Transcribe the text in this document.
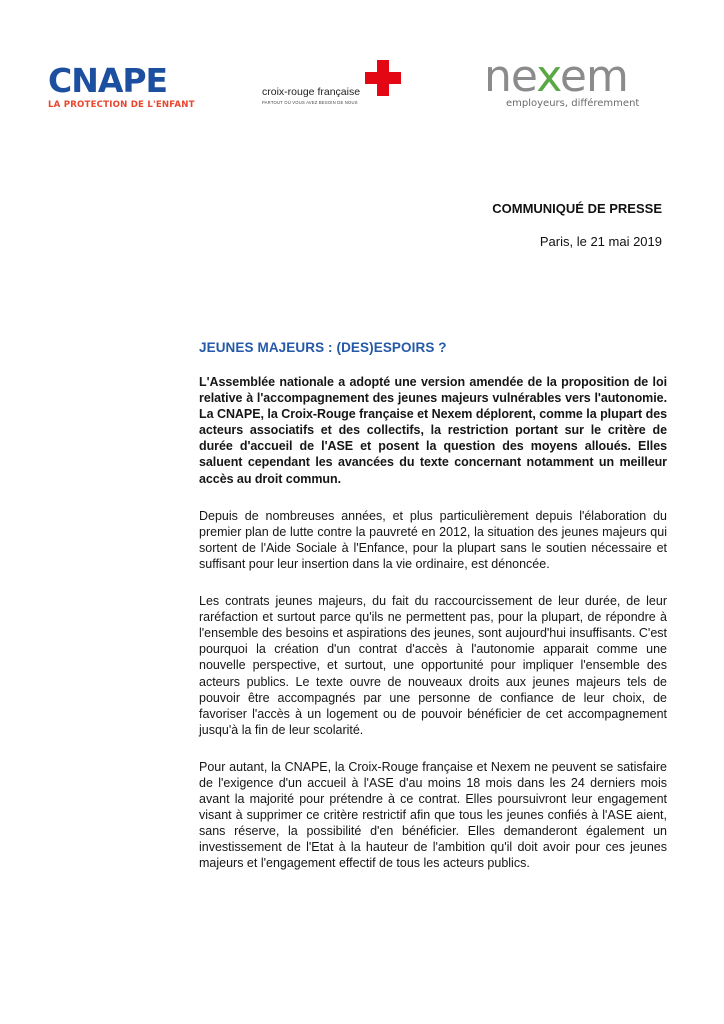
CNAPE
LA PROTECTION DE L'ENFANT
croix-rouge française
PARTOUT OÙ VOUS AVEZ BESOIN DE NOUS
nexem
employeurs, différemment
COMMUNIQUÉ DE PRESSE
Paris, le 21 mai 2019
JEUNES MAJEURS : (DES)ESPOIRS ?

L'Assemblée nationale a adopté une version amendée de la proposition de loi relative à l'accompagnement des jeunes majeurs vulnérables vers l'autonomie. La CNAPE, la Croix-Rouge française et Nexem déplorent, comme la plupart des acteurs associatifs et des collectifs, la restriction portant sur le critère de durée d'accueil de l'ASE et posent la question des moyens alloués. Elles saluent cependant les avancées du texte concernant notamment un meilleur accès au droit commun.

Depuis de nombreuses années, et plus particulièrement depuis l'élaboration du premier plan de lutte contre la pauvreté en 2012, la situation des jeunes majeurs qui sortent de l'Aide Sociale à l'Enfance, pour la plupart sans le soutien nécessaire et suffisant pour leur insertion dans la vie ordinaire, est dénoncée.

Les contrats jeunes majeurs, du fait du raccourcissement de leur durée, de leur raréfaction et surtout parce qu'ils ne permettent pas, pour la plupart, de répondre à l'ensemble des besoins et aspirations des jeunes, sont aujourd'hui insuffisants. C'est pourquoi la création d'un contrat d'accès à l'autonomie apparait comme une nouvelle perspective, et surtout, une opportunité pour impliquer l'ensemble des acteurs publics. Le texte ouvre de nouveaux droits aux jeunes majeurs tels de pouvoir être accompagnés par une personne de confiance de leur choix, de favoriser l'accès à un logement ou de pouvoir bénéficier de cet accompagnement jusqu'à la fin de leur scolarité.

Pour autant, la CNAPE, la Croix-Rouge française et Nexem ne peuvent se satisfaire de l'exigence d'un accueil à l'ASE d'au moins 18 mois dans les 24 derniers mois avant la majorité pour prétendre à ce contrat. Elles poursuivront leur engagement visant à supprimer ce critère restrictif afin que tous les jeunes confiés à l'ASE aient, sans réserve, la possibilité d'en bénéficier. Elles demanderont également un investissement de l'Etat à la hauteur de l'ambition qu'il doit avoir pour ces jeunes majeurs et l'engagement effectif de tous les acteurs publics.
